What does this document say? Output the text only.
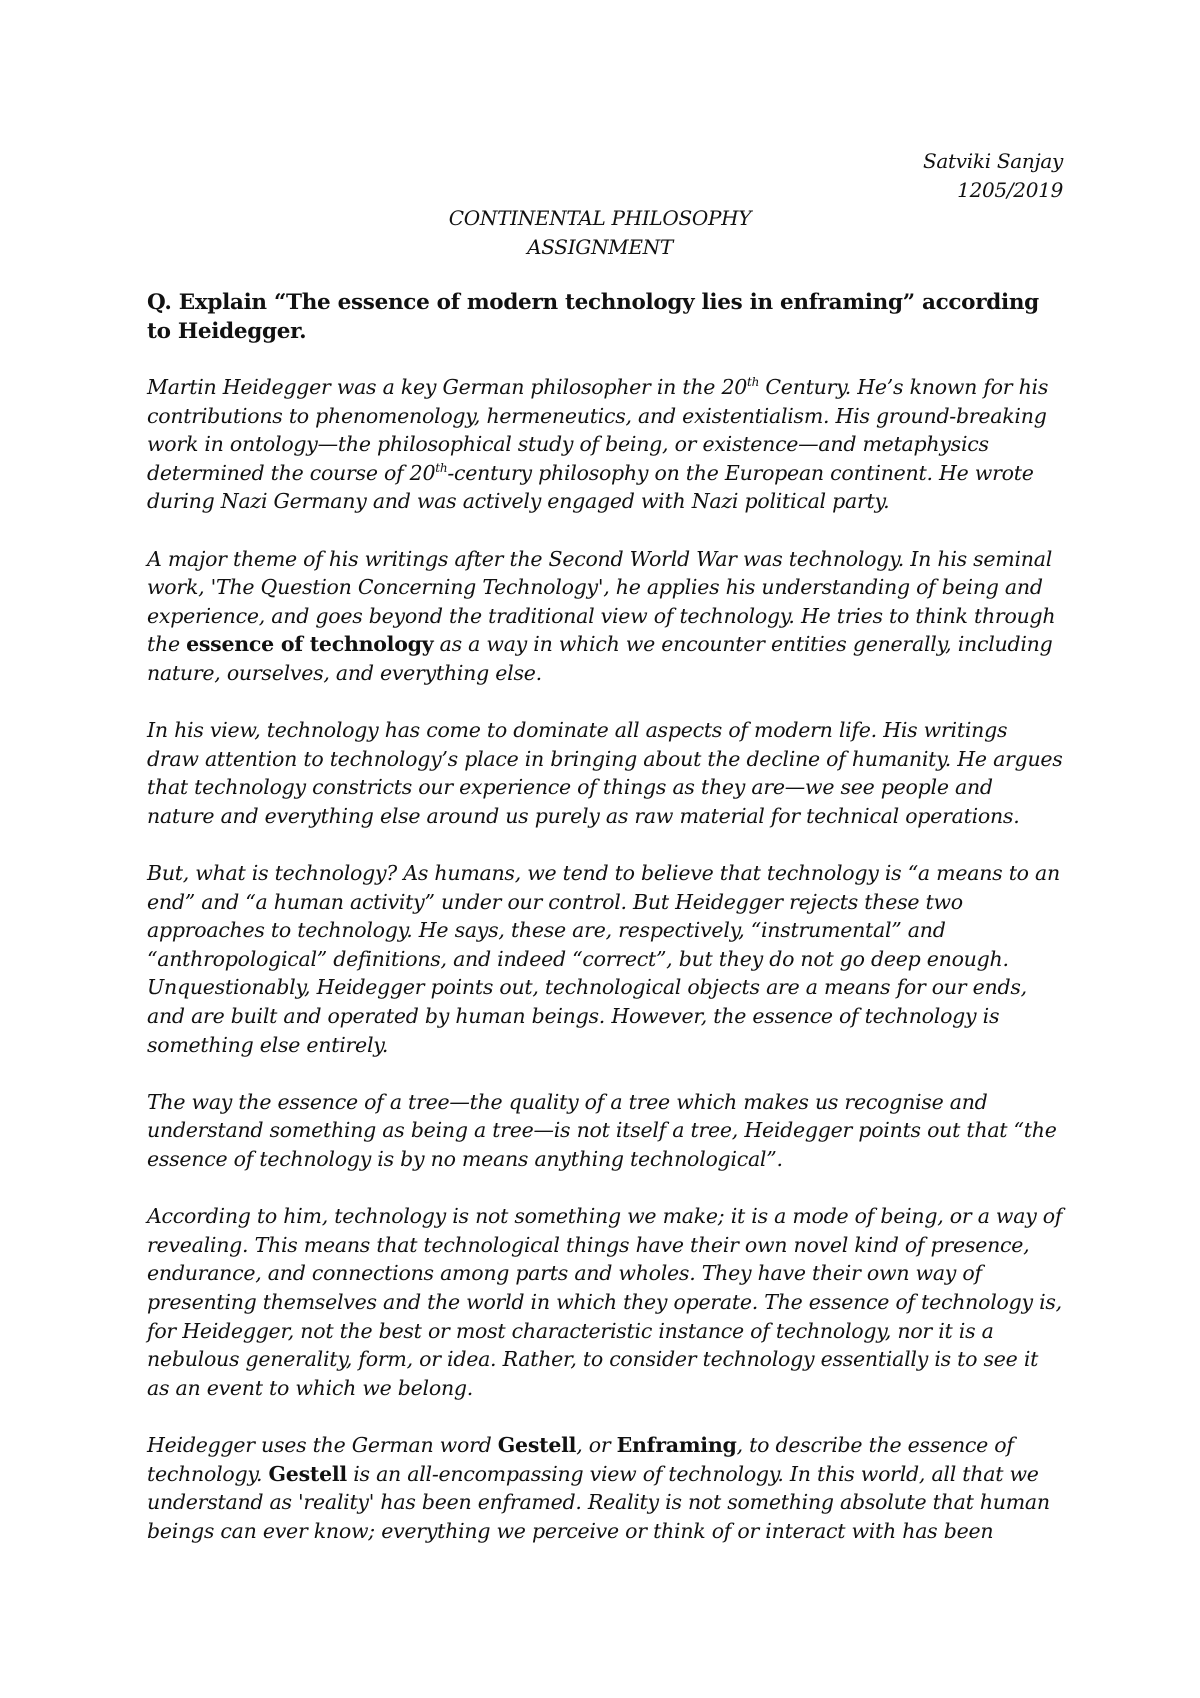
Satviki Sanjay
1205/2019
CONTINENTAL PHILOSOPHY
ASSIGNMENT
Q. Explain “The essence of modern technology lies in enframing” according to Heidegger.

Martin Heidegger was a key German philosopher in the 20th Century. He’s known for his contributions to phenomenology, hermeneutics, and existentialism. His ground-breaking work in ontology—the philosophical study of being, or existence—and metaphysics determined the course of 20th-century philosophy on the European continent. He wrote during Nazi Germany and was actively engaged with Nazi political party.

A major theme of his writings after the Second World War was technology. In his seminal work, 'The Question Concerning Technology', he applies his understanding of being and experience, and goes beyond the traditional view of technology. He tries to think through the essence of technology as a way in which we encounter entities generally, including nature, ourselves, and everything else.

In his view, technology has come to dominate all aspects of modern life. His writings draw attention to technology’s place in bringing about the decline of humanity. He argues that technology constricts our experience of things as they are—we see people and nature and everything else around us purely as raw material for technical operations.

But, what is technology? As humans, we tend to believe that technology is “a means to an end” and “a human activity” under our control. But Heidegger rejects these two approaches to technology. He says, these are, respectively, “instrumental” and “anthropological” definitions, and indeed “correct”, but they do not go deep enough. Unquestionably, Heidegger points out, technological objects are a means for our ends, and are built and operated by human beings. However, the essence of technology is something else entirely.

The way the essence of a tree—the quality of a tree which makes us recognise and understand something as being a tree—is not itself a tree, Heidegger points out that “the essence of technology is by no means anything technological”.

According to him, technology is not something we make; it is a mode of being, or a way of revealing. This means that technological things have their own novel kind of presence, endurance, and connections among parts and wholes. They have their own way of presenting themselves and the world in which they operate. The essence of technology is, for Heidegger, not the best or most characteristic instance of technology, nor it is a nebulous generality, form, or idea. Rather, to consider technology essentially is to see it as an event to which we belong.

Heidegger uses the German word Gestell, or Enframing, to describe the essence of technology. Gestell is an all-encompassing view of technology. In this world, all that we understand as 'reality' has been enframed. Reality is not something absolute that human beings can ever know; everything we perceive or think of or interact with has been
